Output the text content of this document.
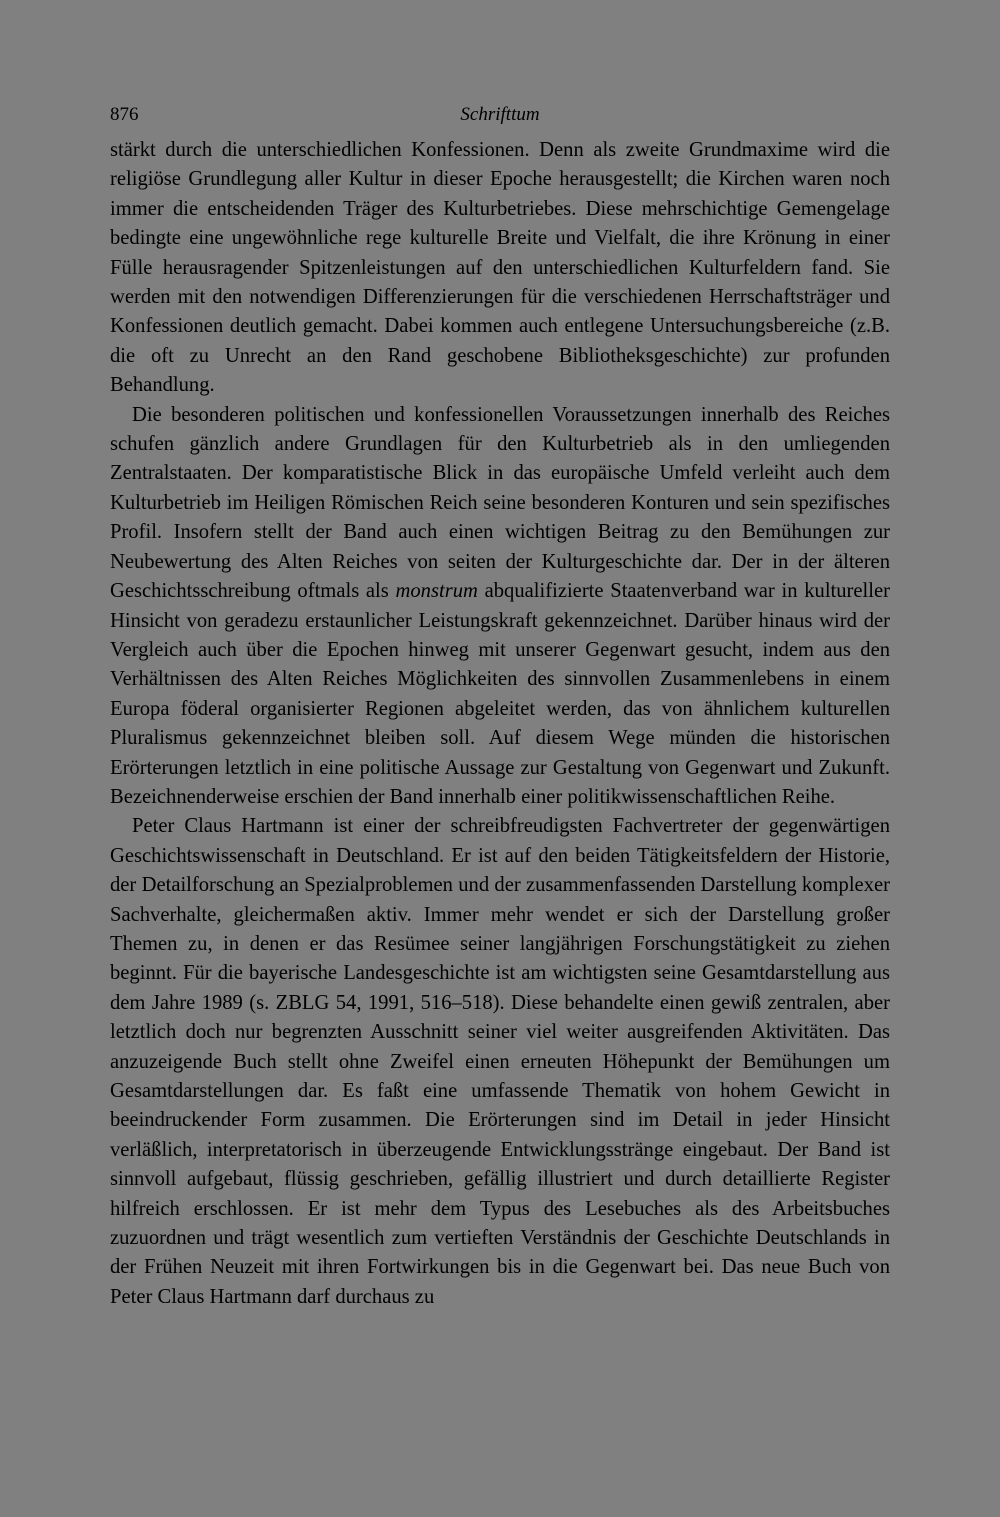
876	Schrifttum

stärkt durch die unterschiedlichen Konfessionen. Denn als zweite Grundmaxime wird die religiöse Grundlegung aller Kultur in dieser Epoche herausgestellt; die Kirchen waren noch immer die entscheidenden Träger des Kulturbetriebes. Diese mehrschichtige Gemengelage bedingte eine ungewöhnliche rege kulturelle Breite und Vielfalt, die ihre Krönung in einer Fülle herausragender Spitzenleistungen auf den unterschiedlichen Kulturfeldern fand. Sie werden mit den notwendigen Differenzierungen für die verschiedenen Herrschaftsträger und Konfessionen deutlich gemacht. Dabei kommen auch entlegene Untersuchungsbereiche (z.B. die oft zu Unrecht an den Rand geschobene Bibliotheksgeschichte) zur profunden Behandlung.

Die besonderen politischen und konfessionellen Voraussetzungen innerhalb des Reiches schufen gänzlich andere Grundlagen für den Kulturbetrieb als in den umliegenden Zentralstaaten. Der komparatistische Blick in das europäische Umfeld verleiht auch dem Kulturbetrieb im Heiligen Römischen Reich seine besonderen Konturen und sein spezifisches Profil. Insofern stellt der Band auch einen wichtigen Beitrag zu den Bemühungen zur Neubewertung des Alten Reiches von seiten der Kulturgeschichte dar. Der in der älteren Geschichtsschreibung oftmals als monstrum abqualifizierte Staatenverband war in kultureller Hinsicht von geradezu erstaunlicher Leistungskraft gekennzeichnet. Darüber hinaus wird der Vergleich auch über die Epochen hinweg mit unserer Gegenwart gesucht, indem aus den Verhältnissen des Alten Reiches Möglichkeiten des sinnvollen Zusammenlebens in einem Europa föderal organisierter Regionen abgeleitet werden, das von ähnlichem kulturellen Pluralismus gekennzeichnet bleiben soll. Auf diesem Wege münden die historischen Erörterungen letztlich in eine politische Aussage zur Gestaltung von Gegenwart und Zukunft. Bezeichnenderweise erschien der Band innerhalb einer politikwissenschaftlichen Reihe.

Peter Claus Hartmann ist einer der schreibfreudigsten Fachvertreter der gegenwärtigen Geschichtswissenschaft in Deutschland. Er ist auf den beiden Tätigkeitsfeldern der Historie, der Detailforschung an Spezialproblemen und der zusammenfassenden Darstellung komplexer Sachverhalte, gleichermaßen aktiv. Immer mehr wendet er sich der Darstellung großer Themen zu, in denen er das Resümee seiner langjährigen Forschungstätigkeit zu ziehen beginnt. Für die bayerische Landesgeschichte ist am wichtigsten seine Gesamtdarstellung aus dem Jahre 1989 (s. ZBLG 54, 1991, 516–518). Diese behandelte einen gewiß zentralen, aber letztlich doch nur begrenzten Ausschnitt seiner viel weiter ausgreifenden Aktivitäten. Das anzuzeigende Buch stellt ohne Zweifel einen erneuten Höhepunkt der Bemühungen um Gesamtdarstellungen dar. Es faßt eine umfassende Thematik von hohem Gewicht in beeindruckender Form zusammen. Die Erörterungen sind im Detail in jeder Hinsicht verläßlich, interpretatorisch in überzeugende Entwicklungsstränge eingebaut. Der Band ist sinnvoll aufgebaut, flüssig geschrieben, gefällig illustriert und durch detaillierte Register hilfreich erschlossen. Er ist mehr dem Typus des Lesebuches als des Arbeitsbuches zuzuordnen und trägt wesentlich zum vertieften Verständnis der Geschichte Deutschlands in der Frühen Neuzeit mit ihren Fortwirkungen bis in die Gegenwart bei. Das neue Buch von Peter Claus Hartmann darf durchaus zu
